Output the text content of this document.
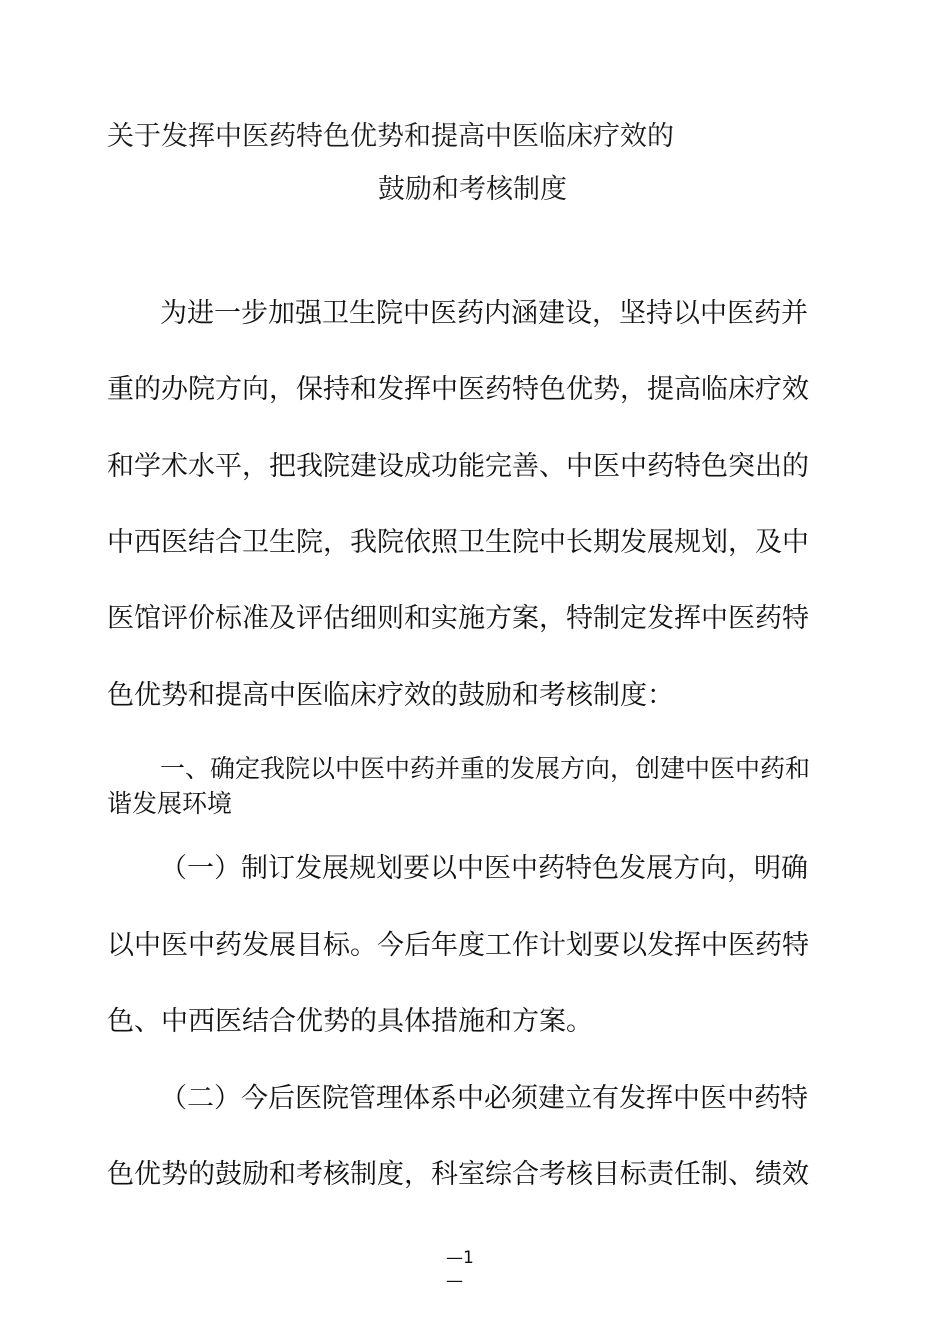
关于发挥中医药特色优势和提高中医临床疗效的
鼓励和考核制度
为进一步加强卫生院中医药内涵建设，坚持以中医药并
重的办院方向，保持和发挥中医药特色优势，提高临床疗效
和学术水平，把我院建设成功能完善、中医中药特色突出的
中西医结合卫生院，我院依照卫生院中长期发展规划，及中
医馆评价标准及评估细则和实施方案，特制定发挥中医药特
色优势和提高中医临床疗效的鼓励和考核制度：
一、确定我院以中医中药并重的发展方向，创建中医中药和
谐发展环境
（一）制订发展规划要以中医中药特色发展方向，明确
以中医中药发展目标。今后年度工作计划要以发挥中医药特
色、中西医结合优势的具体措施和方案。
（二）今后医院管理体系中必须建立有发挥中医中药特
色优势的鼓励和考核制度，科室综合考核目标责任制、绩效
—1
—
